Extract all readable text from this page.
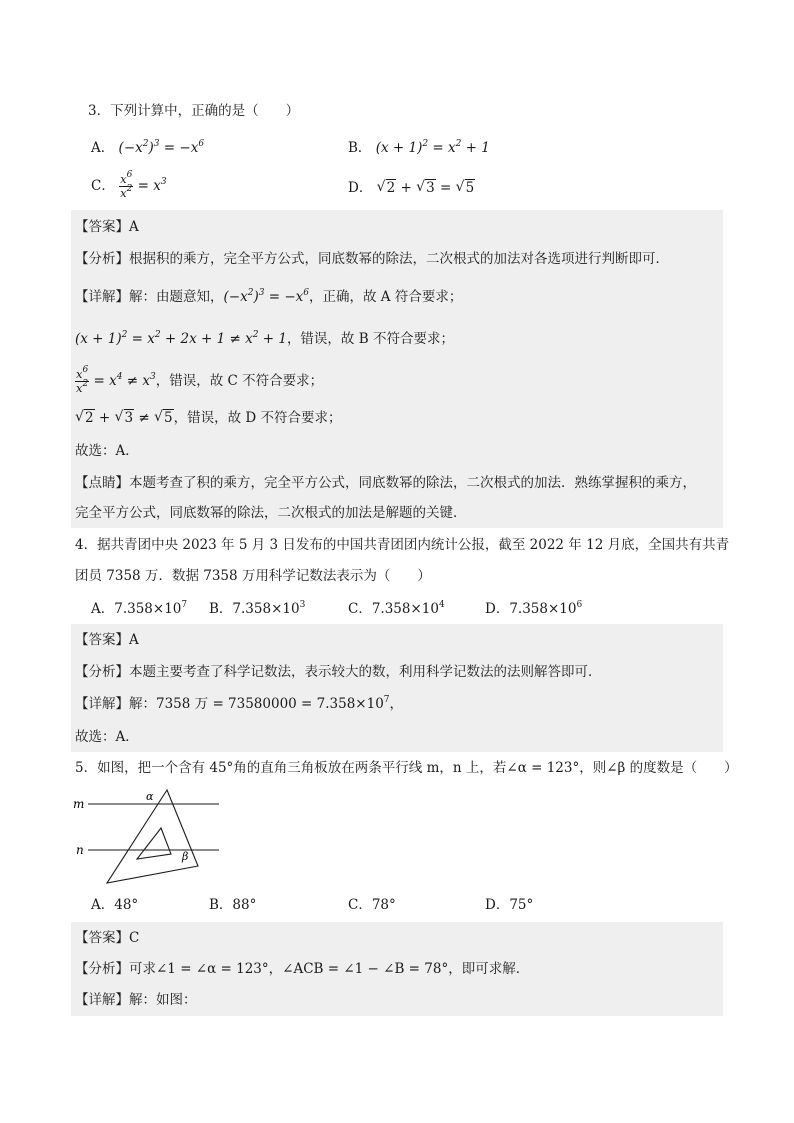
3．下列计算中，正确的是（　　）
A． $(-x^2)^3 = -x^6$	B． $(x + 1)^2 = x^2 + 1$
C． $\frac{x^6}{x^2} = x^3$	D． √ 2 + √ 3 = √ 5
【答案】A
【分析】根据积的乘方，完全平方公式，同底数幂的除法，二次根式的加法对各选项进行判断即可．
【详解】解：由题意知，$(-x^2)^3 = -x^6$，正确，故 A 符合要求；
$(x + 1)^2 = x^2 + 2x + 1 \ne x^2 + 1$，错误，故 B 不符合要求；
$\frac{x^6}{x^2} = x^4 \ne x^3$，错误，故 C 不符合要求；
√ 2 + √ 3 ≠ √ 5，错误，故 D 不符合要求；
故选：A．
【点睛】本题考查了积的乘方，完全平方公式，同底数幂的除法，二次根式的加法．熟练掌握积的乘方，
完全平方公式，同底数幂的除法，二次根式的加法是解题的关键．
4．据共青团中央 2023 年 5 月 3 日发布的中国共青团团内统计公报，截至 2022 年 12 月底，全国共有共青
团员 7358 万．数据 7358 万用科学记数法表示为（　　）
A．$7.358\times 10^7$ B．$7.358\times 10^3$	C．$7.358\times 10^4$	D．$7.358\times 10^6$
【答案】A
【分析】本题主要考查了科学记数法，表示较大的数，利用科学记数法的法则解答即可．
【详解】解：7358 万 = $73580000 = 7.358\times 10^7$，
故选：A．
5．如图，把一个含有 45°角的直角三角板放在两条平行线 m，n 上，若∠α = 123°，则∠β 的度数是（　　）
m
n
α
β
A．48°	B．88°	C．78°	D．75°
【答案】C
【分析】可求∠1 = ∠α = 123°，∠ACB = ∠1 − ∠B = 78°，即可求解．
【详解】解：如图：
